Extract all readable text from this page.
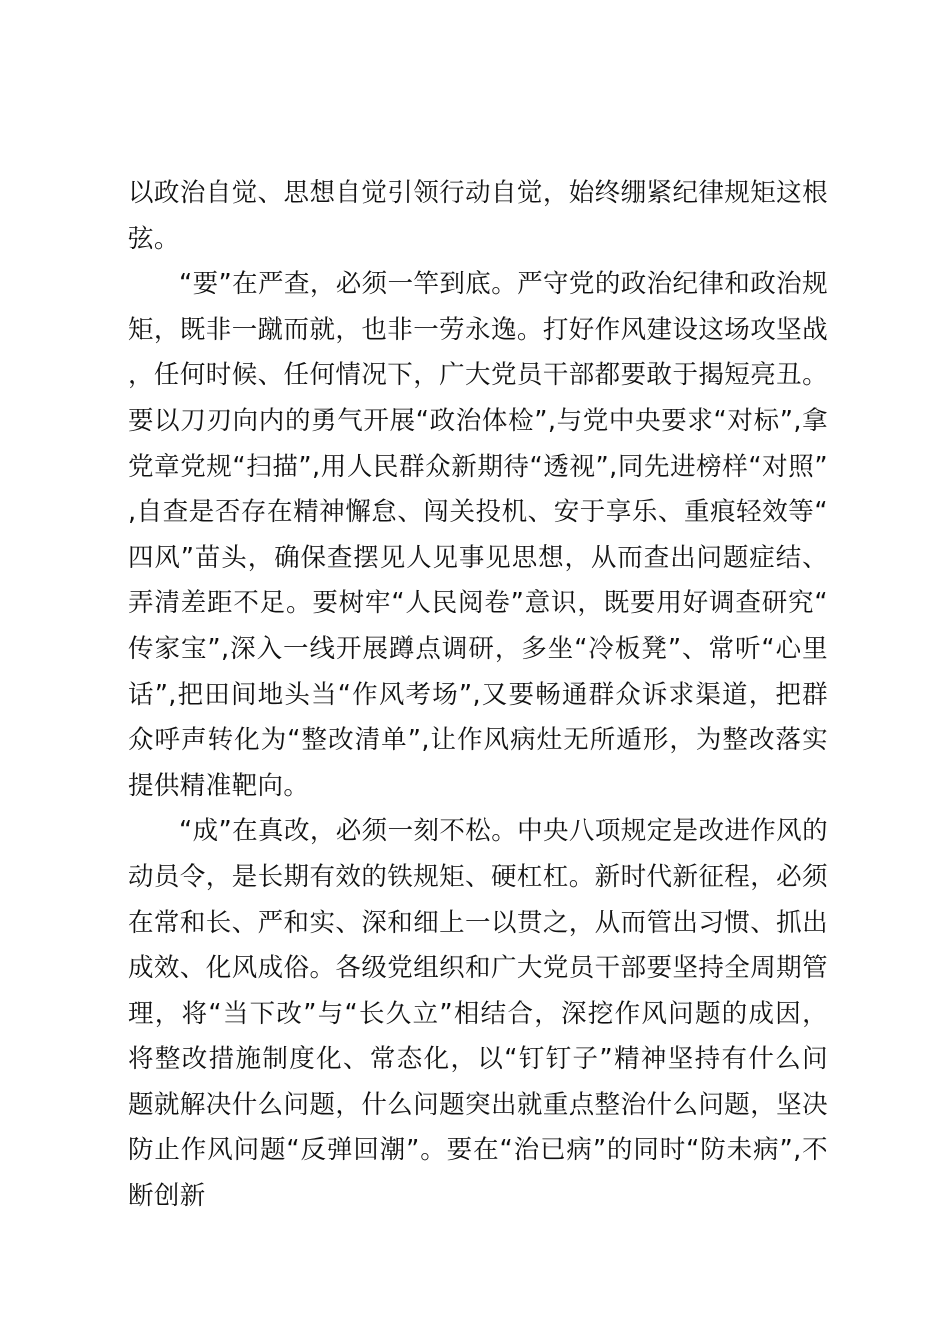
以政治自觉、思想自觉引领行动自觉，始终绷紧纪律规矩这根弦。

“要”在严查，必须一竿到底。严守党的政治纪律和政治规矩，既非一蹴而就，也非一劳永逸。打好作风建设这场攻坚战，任何时候、任何情况下，广大党员干部都要敢于揭短亮丑。要以刀刃向内的勇气开展“政治体检”,与党中央要求“对标”,拿党章党规“扫描”,用人民群众新期待“透视”,同先进榜样“对照”,自查是否存在精神懈怠、闯关投机、安于享乐、重痕轻效等“四风”苗头，确保查摆见人见事见思想，从而查出问题症结、弄清差距不足。要树牢“人民阅卷”意识，既要用好调查研究“传家宝”,深入一线开展蹲点调研，多坐“冷板凳”、常听“心里话”,把田间地头当“作风考场”,又要畅通群众诉求渠道，把群众呼声转化为“整改清单”,让作风病灶无所遁形，为整改落实提供精准靶向。

“成”在真改，必须一刻不松。中央八项规定是改进作风的动员令，是长期有效的铁规矩、硬杠杠。新时代新征程，必须在常和长、严和实、深和细上一以贯之，从而管出习惯、抓出成效、化风成俗。各级党组织和广大党员干部要坚持全周期管理，将“当下改”与“长久立”相结合，深挖作风问题的成因，将整改措施制度化、常态化，以“钉钉子”精神坚持有什么问题就解决什么问题，什么问题突出就重点整治什么问题，坚决防止作风问题“反弹回潮”。要在“治已病”的同时“防未病”,不断创新
